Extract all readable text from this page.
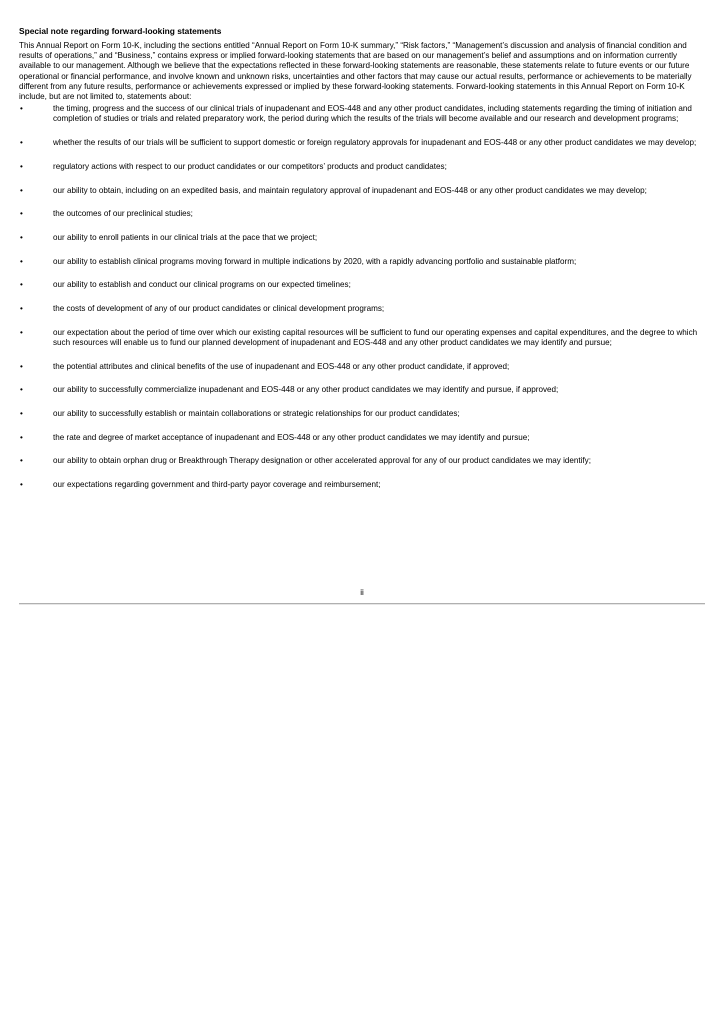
Special note regarding forward-looking statements

This Annual Report on Form 10-K, including the sections entitled “Annual Report on Form 10-K summary,” “Risk factors,” “Management’s discussion and analysis of financial condition and results of operations,” and “Business,” contains express or implied forward-looking statements that are based on our management’s belief and assumptions and on information currently available to our management. Although we believe that the expectations reflected in these forward-looking statements are reasonable, these statements relate to future events or our future operational or financial performance, and involve known and unknown risks, uncertainties and other factors that may cause our actual results, performance or achievements to be materially different from any future results, performance or achievements expressed or implied by these forward-looking statements. Forward-looking statements in this Annual Report on Form 10-K include, but are not limited to, statements about:

•	the timing, progress and the success of our clinical trials of inupadenant and EOS-448 and any other product candidates, including statements regarding the timing of initiation and completion of studies or trials and related preparatory work, the period during which the results of the trials will become available and our research and development programs;
•	whether the results of our trials will be sufficient to support domestic or foreign regulatory approvals for inupadenant and EOS-448 or any other product candidates we may develop;
•	regulatory actions with respect to our product candidates or our competitors’ products and product candidates;
•	our ability to obtain, including on an expedited basis, and maintain regulatory approval of inupadenant and EOS-448 or any other product candidates we may develop;
•	the outcomes of our preclinical studies;
•	our ability to enroll patients in our clinical trials at the pace that we project;
•	our ability to establish clinical programs moving forward in multiple indications by 2020, with a rapidly advancing portfolio and sustainable platform;
•	our ability to establish and conduct our clinical programs on our expected timelines;
•	the costs of development of any of our product candidates or clinical development programs;
•	our expectation about the period of time over which our existing capital resources will be sufficient to fund our operating expenses and capital expenditures, and the degree to which such resources will enable us to fund our planned development of inupadenant and EOS-448 and any other product candidates we may identify and pursue;
•	the potential attributes and clinical benefits of the use of inupadenant and EOS-448 or any other product candidate, if approved;
•	our ability to successfully commercialize inupadenant and EOS-448 or any other product candidates we may identify and pursue, if approved;
•	our ability to successfully establish or maintain collaborations or strategic relationships for our product candidates;
•	the rate and degree of market acceptance of inupadenant and EOS-448 or any other product candidates we may identify and pursue;
•	our ability to obtain orphan drug or Breakthrough Therapy designation or other accelerated approval for any of our product candidates we may identify;
•	our expectations regarding government and third-party payor coverage and reimbursement;
ii
